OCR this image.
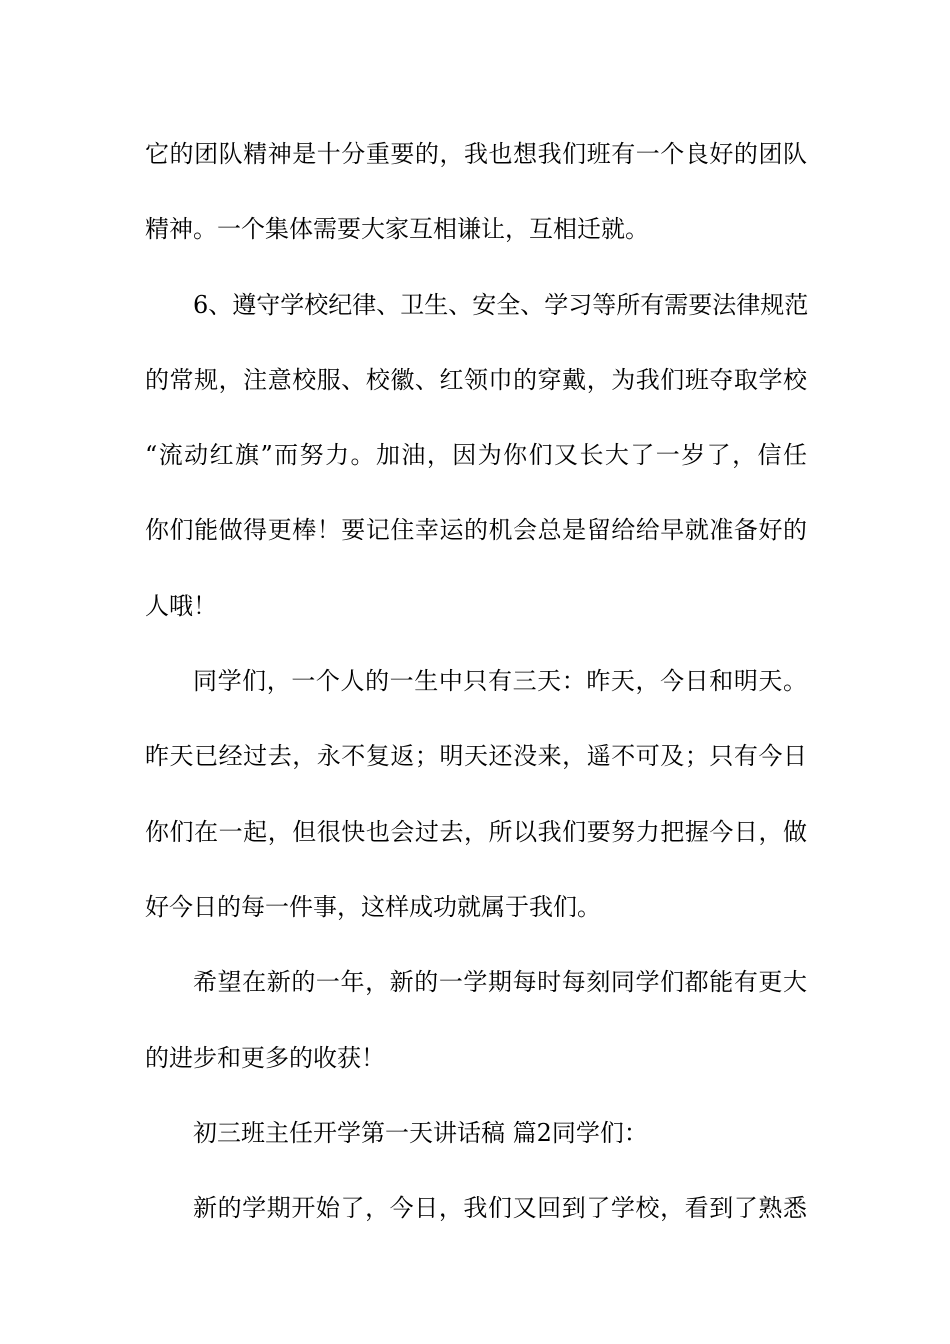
它的团队精神是十分重要的，我也想我们班有一个良好的团队
精神。一个集体需要大家互相谦让，互相迁就。
6、遵守学校纪律、卫生、安全、学习等所有需要法律规范
的常规，注意校服、校徽、红领巾的穿戴，为我们班夺取学校
“流动红旗”而努力。加油，因为你们又长大了一岁了，信任
你们能做得更棒！要记住幸运的机会总是留给给早就准备好的
人哦！
同学们，一个人的一生中只有三天：昨天，今日和明天。
昨天已经过去，永不复返；明天还没来，遥不可及；只有今日
你们在一起，但很快也会过去，所以我们要努力把握今日，做
好今日的每一件事，这样成功就属于我们。
希望在新的一年，新的一学期每时每刻同学们都能有更大
的进步和更多的收获！
初三班主任开学第一天讲话稿 篇2同学们：
新的学期开始了，今日，我们又回到了学校，看到了熟悉
